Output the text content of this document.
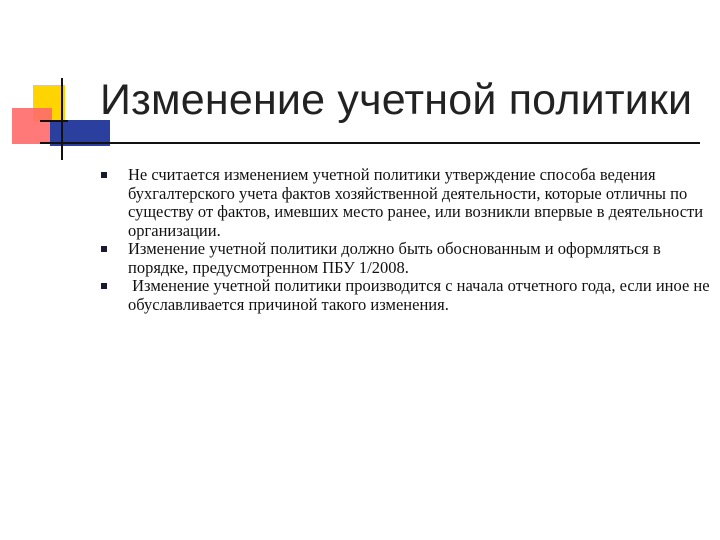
Изменение учетной политики
Не считается изменением учетной политики утверждение способа ведения бухгалтерского учета фактов хозяйственной деятельности, которые отличны по существу от фактов, имевших место ранее, или возникли впервые в деятельности организации.
Изменение учетной политики должно быть обоснованным и оформляться в порядке, предусмотренном ПБУ 1/2008.
Изменение учетной политики производится с начала отчетного года, если иное не обуславливается причиной такого изменения.
